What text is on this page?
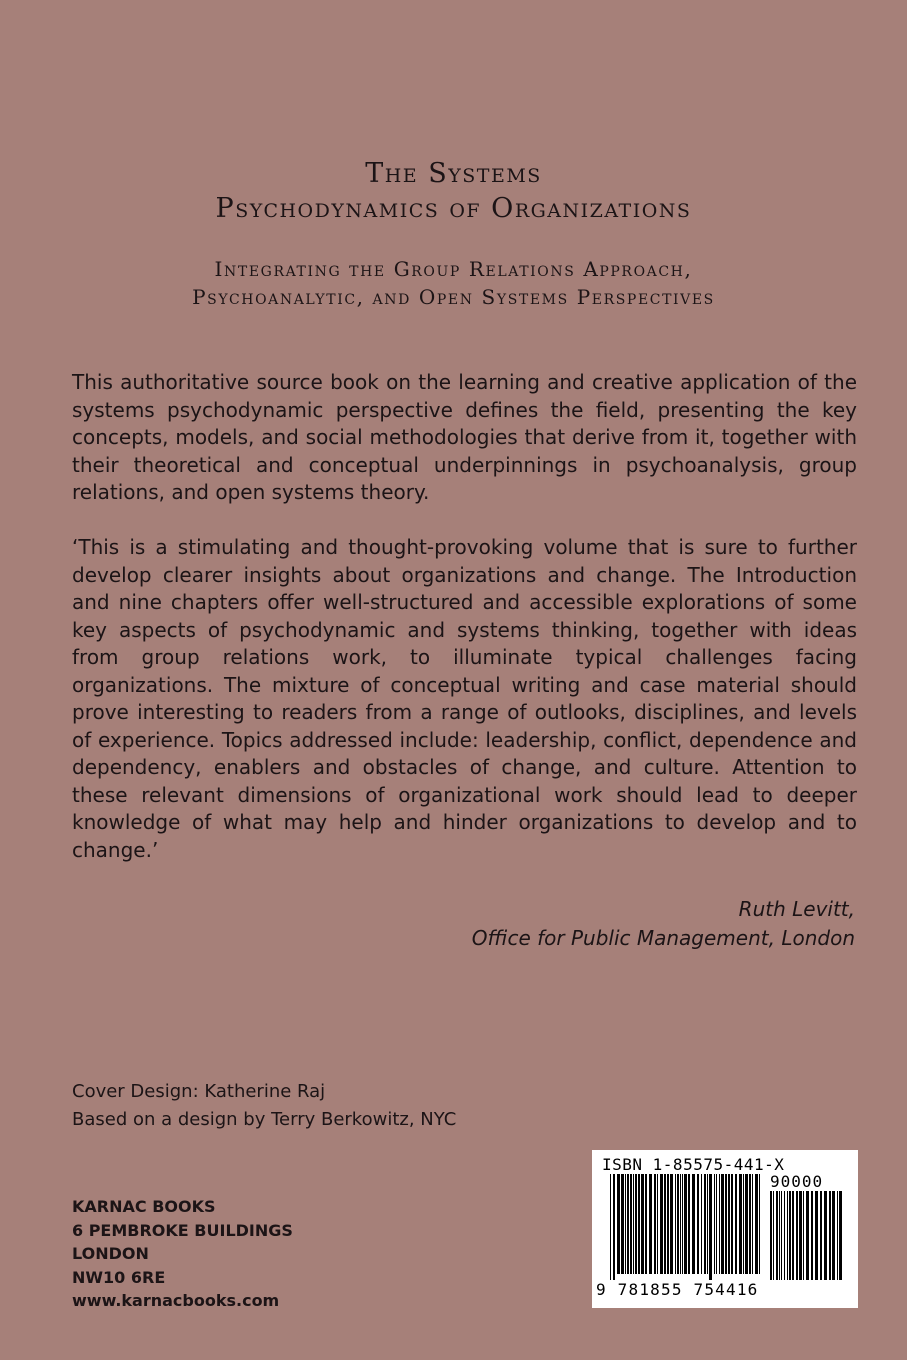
The Systems
Psychodynamics of Organizations
Integrating the Group Relations Approach,
Psychoanalytic, and Open Systems Perspectives

This authoritative source book on the learning and creative application of the systems psychodynamic perspective defines the field, presenting the key concepts, models, and social methodologies that derive from it, together with their theoretical and conceptual underpinnings in psychoanalysis, group relations, and open systems theory.

‘This is a stimulating and thought-provoking volume that is sure to further develop clearer insights about organizations and change. The Introduction and nine chapters offer well-structured and accessible explorations of some key aspects of psychodynamic and systems thinking, together with ideas from group relations work, to illuminate typical challenges facing organizations. The mixture of conceptual writing and case material should prove interesting to readers from a range of outlooks, disciplines, and levels of experience. Topics addressed include: leadership, conflict, dependence and dependency, enablers and obstacles of change, and culture. Attention to these relevant dimensions of organizational work should lead to deeper knowledge of what may help and hinder organizations to develop and to change.’

Ruth Levitt,
Office for Public Management, London
Cover Design: Katherine Raj
Based on a design by Terry Berkowitz, NYC
KARNAC BOOKS
6 PEMBROKE BUILDINGS
LONDON
NW10 6RE
www.karnacbooks.com
ISBN 1-85575-441-X
90000
9 781855 754416
